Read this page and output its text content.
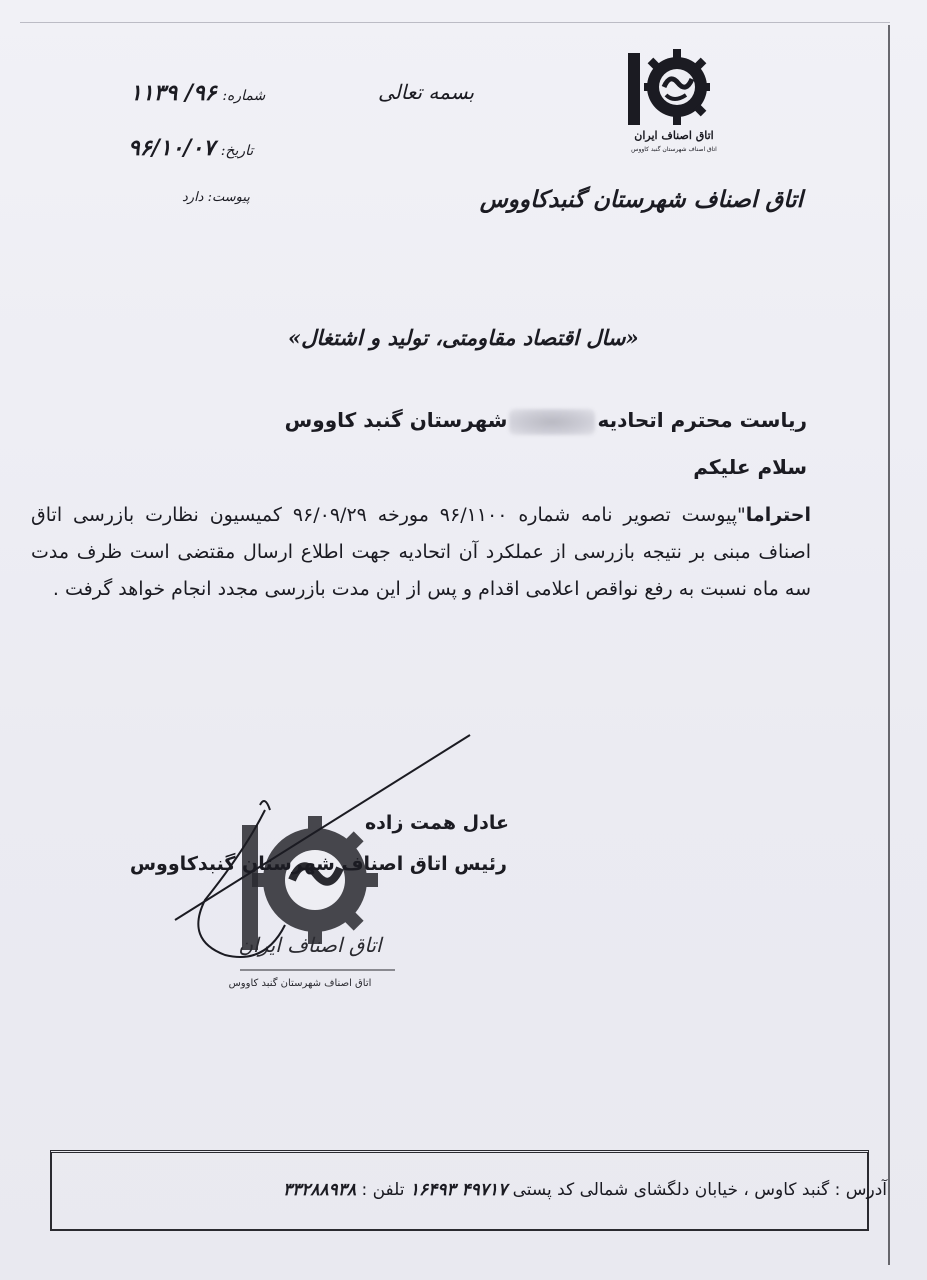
اتاق اصناف ایران
اتاق اصناف شهرستان گنبد کاووس
اتاق اصناف شهرستان گنبدکاووس
بسمه تعالی
شماره: ۹۶/ ۱۱۳۹
تاریخ: ۹۶/۱۰/۰۷
پیوست: دارد
«سال اقتصاد مقاومتی، تولید و اشتغال»
ریاست محترم اتحادیهشهرستان گنبد کاووس
سلام علیکم

احتراما"پیوست تصویر نامه شماره ۹۶/۱۱۰۰ مورخه ۹۶/۰۹/۲۹ کمیسیون نظارت بازرسی اتاق اصناف مبنی بر نتیجه بازرسی از عملکرد آن اتحادیه جهت اطلاع ارسال مقتضی است ظرف مدت سه ماه نسبت به رفع نواقص اعلامی اقدام و پس از این مدت بازرسی مجدد انجام خواهد گرفت .

اتاق اصناف ایران
اتاق اصناف شهرستان گنبد کاووس
عادل همت زاده
رئیس اتاق اصناف شهرستان گنبدکاووس
آدرس : گنبد کاوس ، خیابان دلگشای شمالی کد پستی ۴۹۷۱۷ ۱۶۴۹۳ تلفن : ۳۳۲۸۸۹۳۸
